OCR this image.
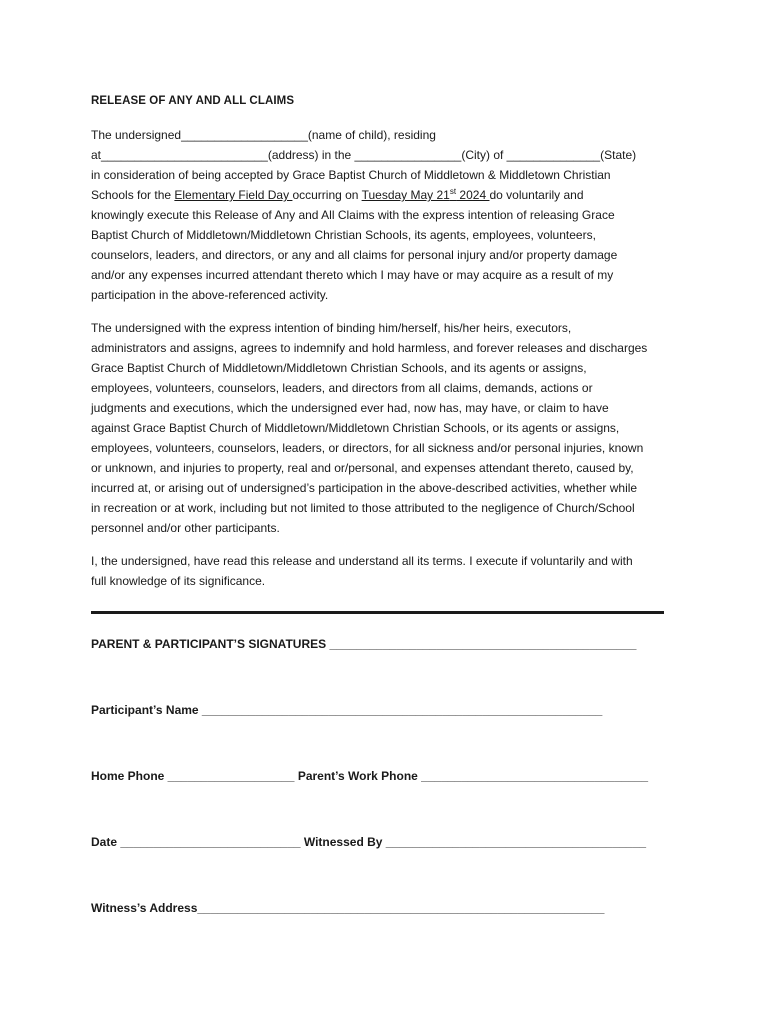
RELEASE OF ANY AND ALL CLAIMS
The undersigned___________________(name of child), residing
at_________________________(address) in the ________________(City) of ______________(State)
in consideration of being accepted by Grace Baptist Church of Middletown & Middletown Christian
Schools for the Elementary Field Day occurring on Tuesday May 21st 2024 do voluntarily and
knowingly execute this Release of Any and All Claims with the express intention of releasing Grace
Baptist Church of Middletown/Middletown Christian Schools, its agents, employees, volunteers,
counselors, leaders, and directors, or any and all claims for personal injury and/or property damage
and/or any expenses incurred attendant thereto which I may have or may acquire as a result of my
participation in the above-referenced activity.
The undersigned with the express intention of binding him/herself, his/her heirs, executors,
administrators and assigns, agrees to indemnify and hold harmless, and forever releases and discharges
Grace Baptist Church of Middletown/Middletown Christian Schools, and its agents or assigns,
employees, volunteers, counselors, leaders, and directors from all claims, demands, actions or
judgments and executions, which the undersigned ever had, now has, may have, or claim to have
against Grace Baptist Church of Middletown/Middletown Christian Schools, or its agents or assigns,
employees, volunteers, counselors, leaders, or directors, for all sickness and/or personal injuries, known
or unknown, and injuries to property, real and or/personal, and expenses attendant thereto, caused by,
incurred at, or arising out of undersigned’s participation in the above-described activities, whether while
in recreation or at work, including but not limited to those attributed to the negligence of Church/School
personnel and/or other participants.
I, the undersigned, have read this release and understand all its terms. I execute if voluntarily and with
full knowledge of its significance.
PARENT & PARTICIPANT’S SIGNATURES ______________________________________________
Participant’s Name ____________________________________________________________
Home Phone ___________________ Parent’s Work Phone __________________________________
Date ___________________________ Witnessed By _______________________________________
Witness’s Address_____________________________________________________________
